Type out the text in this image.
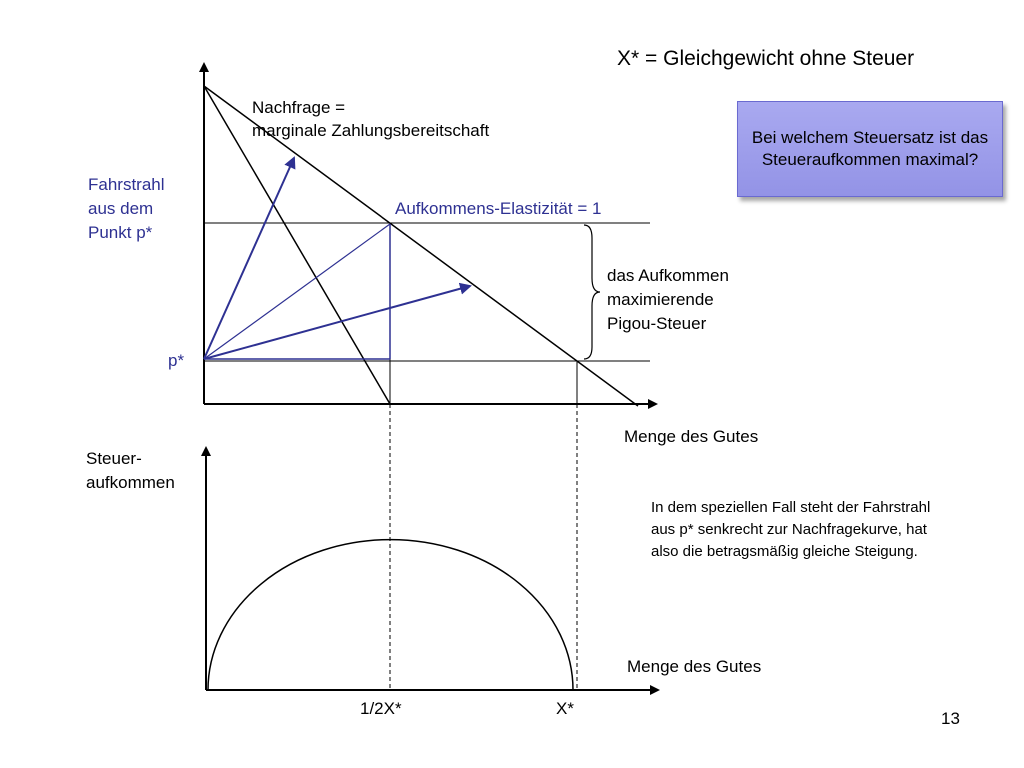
X* = Gleichgewicht ohne Steuer
Nachfrage =
marginale Zahlungsbereitschaft
Fahrstrahl
aus dem
Punkt p*
Aufkommens-Elastizität = 1
p*
das Aufkommen
maximierende
Pigou-Steuer
Menge des Gutes
Steuer-
aufkommen
Menge des Gutes
1/2X*	X*
Bei welchem Steuersatz ist das Steueraufkommen maximal?
In dem speziellen Fall steht der Fahrstrahl
aus p* senkrecht zur Nachfragekurve, hat
also die betragsmäßig gleiche Steigung.
13
